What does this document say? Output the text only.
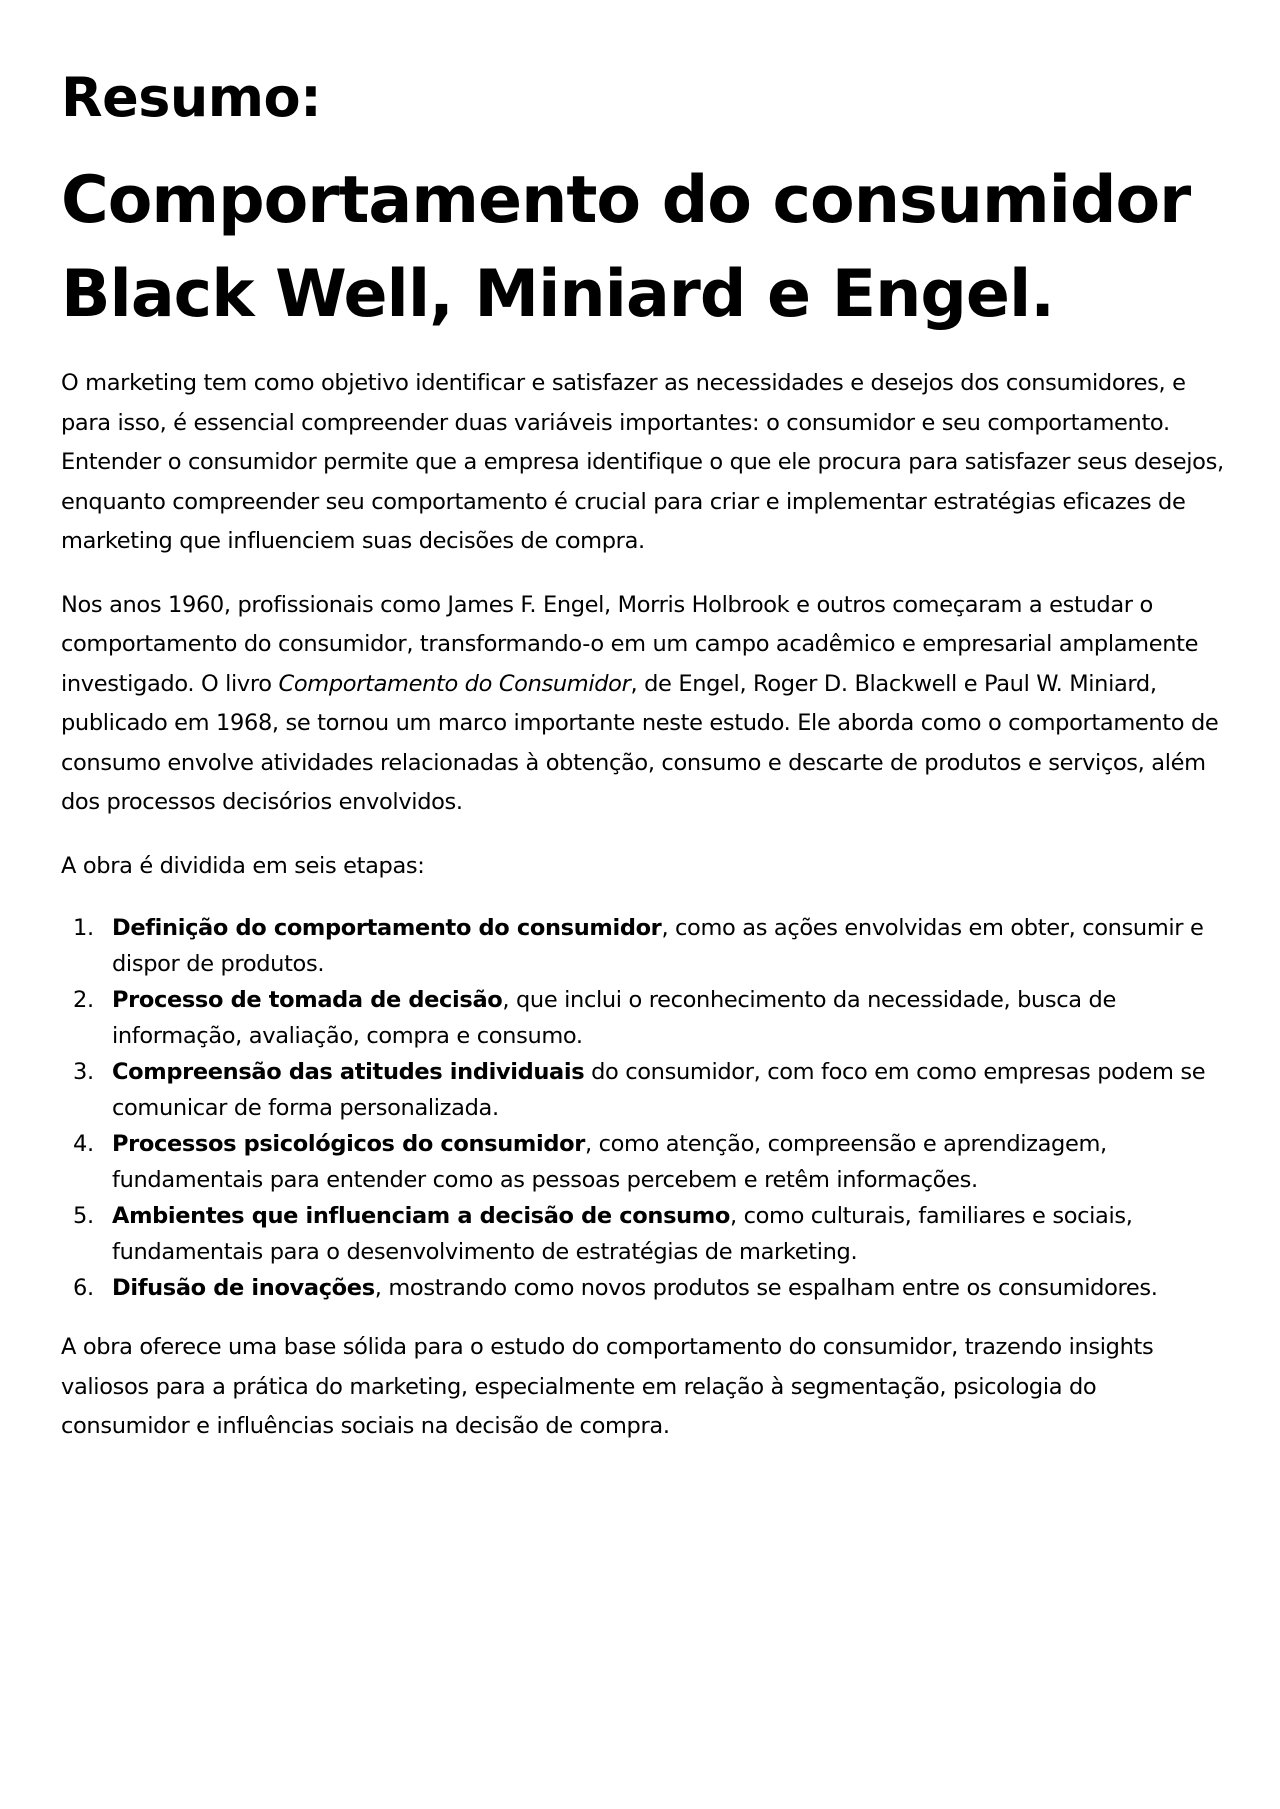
Resumo:
Comportamento do consumidor
Black Well, Miniard e Engel.

O marketing tem como objetivo identificar e satisfazer as necessidades e desejos dos consumidores, e para isso, é essencial compreender duas variáveis importantes: o consumidor e seu comportamento. Entender o consumidor permite que a empresa identifique o que ele procura para satisfazer seus desejos, enquanto compreender seu comportamento é crucial para criar e implementar estratégias eficazes de marketing que influenciem suas decisões de compra.

Nos anos 1960, profissionais como James F. Engel, Morris Holbrook e outros começaram a estudar o comportamento do consumidor, transformando-o em um campo acadêmico e empresarial amplamente investigado. O livro Comportamento do Consumidor, de Engel, Roger D. Blackwell e Paul W. Miniard, publicado em 1968, se tornou um marco importante neste estudo. Ele aborda como o comportamento de consumo envolve atividades relacionadas à obtenção, consumo e descarte de produtos e serviços, além dos processos decisórios envolvidos.

A obra é dividida em seis etapas:

1. Definição do comportamento do consumidor, como as ações envolvidas em obter, consumir e dispor de produtos.
2. Processo de tomada de decisão, que inclui o reconhecimento da necessidade, busca de informação, avaliação, compra e consumo.
3. Compreensão das atitudes individuais do consumidor, com foco em como empresas podem se comunicar de forma personalizada.
4. Processos psicológicos do consumidor, como atenção, compreensão e aprendizagem, fundamentais para entender como as pessoas percebem e retêm informações.
5. Ambientes que influenciam a decisão de consumo, como culturais, familiares e sociais, fundamentais para o desenvolvimento de estratégias de marketing.
6. Difusão de inovações, mostrando como novos produtos se espalham entre os consumidores.

A obra oferece uma base sólida para o estudo do comportamento do consumidor, trazendo insights valiosos para a prática do marketing, especialmente em relação à segmentação, psicologia do consumidor e influências sociais na decisão de compra.
